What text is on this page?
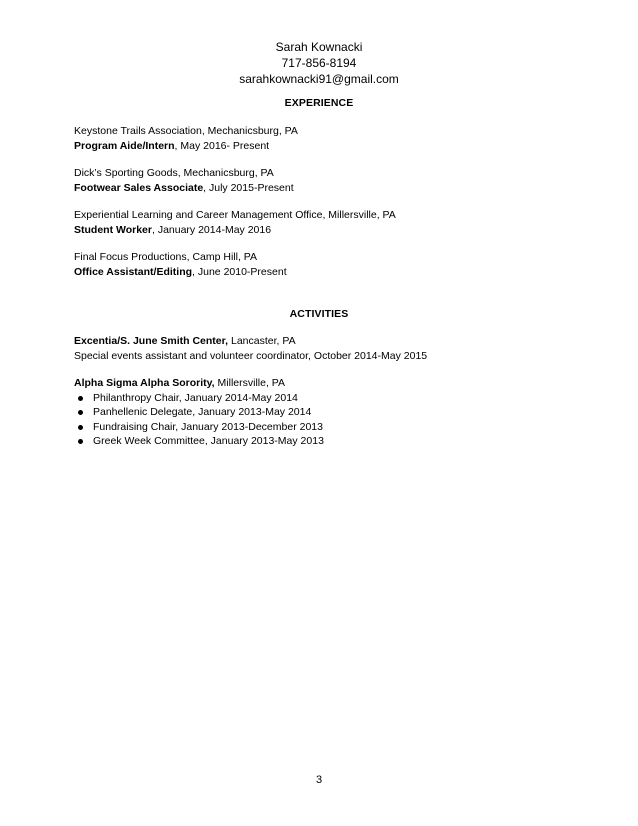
Sarah Kownacki
717-856-8194
sarahkownacki91@gmail.com
EXPERIENCE
Keystone Trails Association, Mechanicsburg, PA
Program Aide/Intern, May 2016- Present
Dick’s Sporting Goods, Mechanicsburg, PA
Footwear Sales Associate, July 2015-Present
Experiential Learning and Career Management Office, Millersville, PA
Student Worker, January 2014-May 2016
Final Focus Productions, Camp Hill, PA
Office Assistant/Editing, June 2010-Present
ACTIVITIES
Excentia/S. June Smith Center, Lancaster, PA
Special events assistant and volunteer coordinator, October 2014-May 2015
Alpha Sigma Alpha Sorority, Millersville, PA
Philanthropy Chair, January 2014-May 2014
Panhellenic Delegate, January 2013-May 2014
Fundraising Chair, January 2013-December 2013
Greek Week Committee, January 2013-May 2013
3
